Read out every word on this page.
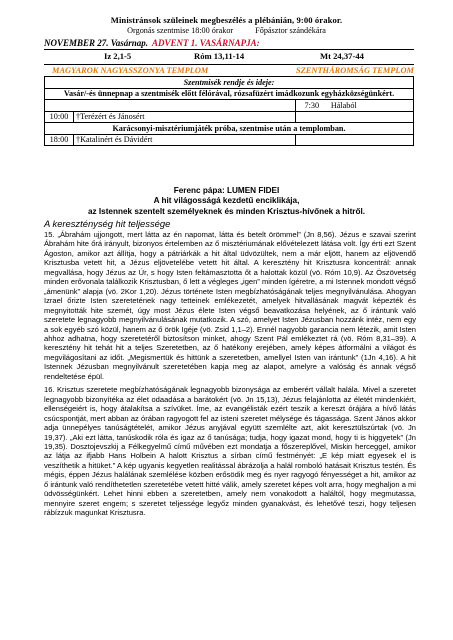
Ministránsok szüleinek megbeszélés a plébánián, 9:00 órakor.
Orgonás szentmise 18:00 órakor	Főpásztor szándékára
NOVEMBER 27. Vasárnap. ADVENT 1. VASÁRNAPJA:
Iz 2,1-5	Róm 13,11-14	Mt 24,37-44
MAGYAROK NAGYASSZONYA TEMPLOM	SZENTHÁROMSÁG TEMPLOM
Szentmisék rendje és ideje:			
Vasár/-és ünnepnap a szentmisék előtt félórával, rózsafüzért imádkozunk egyházközségünkért.			
		7:30	Hálaból
10:00	†Terézért és Jánosért		
Karácsonyi-misztériumjáték próba, szentmise után a templomban.			
18:00	†Katalinért és Dávidért		
Ferenc pápa: LUMEN FIDEI
A hit világosságá kezdetű enciklikája,
az Istennek szentelt személyeknek és minden Krisztus-hívőnek a hitről.
A kereszténység hit teljessége

15. „Ábrahám ujjongott, mert látta az én napomat, látta és betelt örömmel” (Jn 8,56). Jézus e szavai szerint Ábrahám hite őrá irányult, bizonyos értelemben az ő misztériumának elővételezett látása volt. Így érti ezt Szent Ágoston, amikor azt állítja, hogy a pátriárkák a hit által üdvözültek, nem a már eljött, hanem az eljövendő Krisztusba vetett hit, a Jézus eljövetelébe vetett hit által. A keresztény hit Krisztusra koncentrál: annak megvallása, hogy Jézus az Úr, s hogy Isten feltámasztotta őt a halottak közül (vö. Róm 10,9). Az Ószövetség minden erővonala találkozik Krisztusban, ő lett a végleges „igen” minden ígéretre, a mi Istennek mondott végső „ámenünk” alapja (vö. 2Kor 1,20). Jézus története Isten megbízhatóságának teljes megnyilvánulása. Ahogyan Izrael őrizte Isten szeretetének nagy tetteinek emlékezetét, amelyek hitvallásának magvát képezték és megnyitották hite szemét, úgy most Jézus élete Isten végső beavatkozása helyének, az ő irántunk való szeretete legnagyobb megnyilvánulásának mutatkozik. A szó, amelyet Isten Jézusban hozzánk intéz, nem egy a sok egyéb szó közül, hanem az ő örök Igéje (vö. Zsid 1,1–2). Ennél nagyobb garancia nem létezik, amit Isten ahhoz adhatna, hogy szeretetéről biztosítson minket, ahogy Szent Pál emlékeztet rá (vö. Róm 8,31–39). A keresztény hit tehát hit a teljes Szeretetben, az ő hatékony erejében, amely képes átformálni a világot és megvilágosítani az időt. „Megismertük és hittünk a szeretetben, amellyel Isten van irántunk” (1Jn 4,16). A hit Istennek Jézusban megnyilvánult szeretetében kapja meg az alapot, amelyre a valóság és annak végső rendeltetése épül.

16. Krisztus szeretete megbízhatóságának legnagyobb bizonysága az emberért vállalt halála. Mivel a szeretet legnagyobb bizonyítéka az élet odaadása a barátokért (vö. Jn 15,13), Jézus felajánlotta az életét mindenkiért, ellenségeiért is, hogy átalakítsa a szívüket. Íme, az evangélisták ezért teszik a kereszt órájára a hívő látás csúcspontját, mert abban az órában ragyogott fel az isteni szeretet mélysége és tágassága. Szent János akkor adja ünnepélyes tanúságtételét, amikor Jézus anyjával együtt szemlélte azt, akit keresztülszúrtak (vö. Jn 19,37). „Aki ezt látta, tanúskodik róla és igaz az ő tanúsága; tudja, hogy igazat mond, hogy ti is higgyetek” (Jn 19,35). Dosztojevszkij a Félkegyelmű című művében ezt mondatja a főszereplővel, Miskin herceggel, amikor az látja az ifjabb Hans Holbein A halott Krisztus a sírban című festményét: „E kép miatt egyesek el is veszíthetik a hitüket.” A kép ugyanis kegyetlen realitással ábrázolja a halál romboló hatásait Krisztus testén. És mégis, éppen Jézus halálának szemlélése közben erősödik meg és nyer ragyogó fényességet a hit, amikor az ő irántunk való rendíthetetlen szeretetébe vetett hitté válik, amely szeretet képes volt arra, hogy meghaljon a mi üdvösségünkért. Lehet hinni ebben a szeretetben, amely nem vonakodott a haláltól, hogy megmutassa, mennyire szeret engem; s szeretet teljessége legyőz minden gyanakvást, és lehetővé teszi, hogy teljesen rábízzuk magunkat Krisztusra.
